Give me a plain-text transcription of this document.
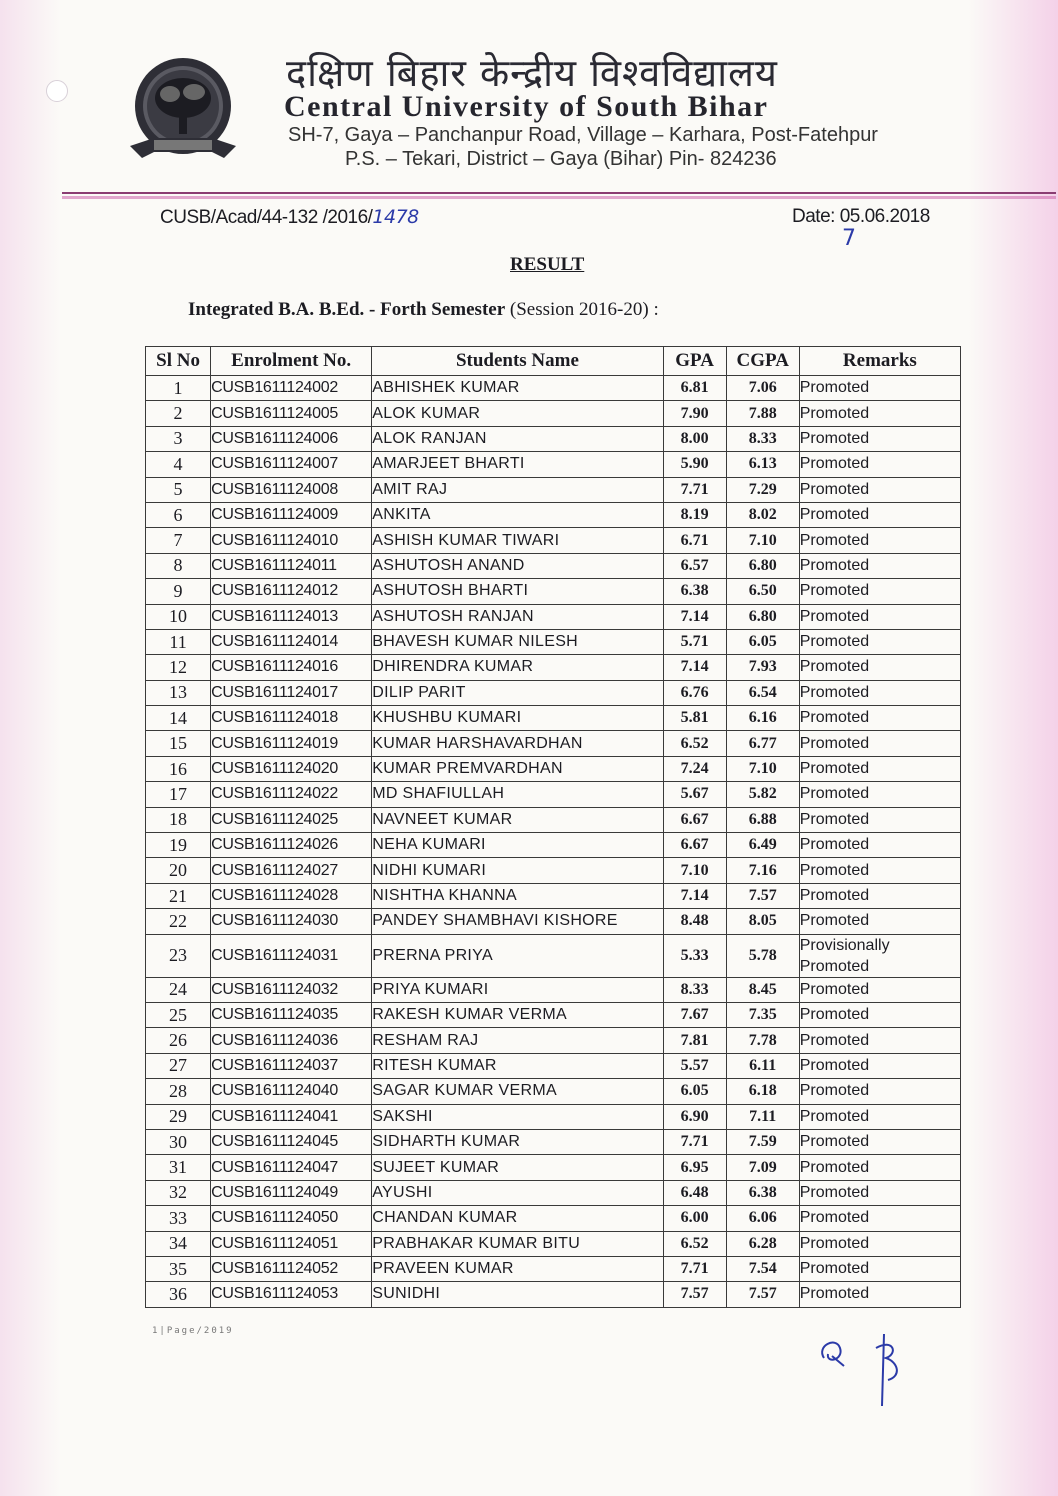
दक्षिण बिहार केन्द्रीय विश्वविद्यालय
Central University of South Bihar
SH-7, Gaya – Panchanpur Road, Village – Karhara, Post-Fatehpur
P.S. – Tekari, District – Gaya (Bihar) Pin- 824236
CUSB/Acad/44-132 /2016/1478	Date: 05.06.2018
7
RESULT
Integrated B.A. B.Ed. - Forth Semester (Session 2016-20) :
Sl No	Enrolment No.	Students Name	GPA	CGPA	Remarks
1	CUSB1611124002	ABHISHEK KUMAR	6.81	7.06	Promoted
2	CUSB1611124005	ALOK KUMAR	7.90	7.88	Promoted
3	CUSB1611124006	ALOK RANJAN	8.00	8.33	Promoted
4	CUSB1611124007	AMARJEET BHARTI	5.90	6.13	Promoted
5	CUSB1611124008	AMIT RAJ	7.71	7.29	Promoted
6	CUSB1611124009	ANKITA	8.19	8.02	Promoted
7	CUSB1611124010	ASHISH KUMAR TIWARI	6.71	7.10	Promoted
8	CUSB1611124011	ASHUTOSH ANAND	6.57	6.80	Promoted
9	CUSB1611124012	ASHUTOSH BHARTI	6.38	6.50	Promoted
10	CUSB1611124013	ASHUTOSH RANJAN	7.14	6.80	Promoted
11	CUSB1611124014	BHAVESH KUMAR NILESH	5.71	6.05	Promoted
12	CUSB1611124016	DHIRENDRA KUMAR	7.14	7.93	Promoted
13	CUSB1611124017	DILIP PARIT	6.76	6.54	Promoted
14	CUSB1611124018	KHUSHBU KUMARI	5.81	6.16	Promoted
15	CUSB1611124019	KUMAR HARSHAVARDHAN	6.52	6.77	Promoted
16	CUSB1611124020	KUMAR PREMVARDHAN	7.24	7.10	Promoted
17	CUSB1611124022	MD SHAFIULLAH	5.67	5.82	Promoted
18	CUSB1611124025	NAVNEET KUMAR	6.67	6.88	Promoted
19	CUSB1611124026	NEHA KUMARI	6.67	6.49	Promoted
20	CUSB1611124027	NIDHI KUMARI	7.10	7.16	Promoted
21	CUSB1611124028	NISHTHA KHANNA	7.14	7.57	Promoted
22	CUSB1611124030	PANDEY SHAMBHAVI KISHORE	8.48	8.05	Promoted
23	CUSB1611124031	PRERNA PRIYA	5.33	5.78	Provisionally Promoted
24	CUSB1611124032	PRIYA KUMARI	8.33	8.45	Promoted
25	CUSB1611124035	RAKESH KUMAR VERMA	7.67	7.35	Promoted
26	CUSB1611124036	RESHAM RAJ	7.81	7.78	Promoted
27	CUSB1611124037	RITESH KUMAR	5.57	6.11	Promoted
28	CUSB1611124040	SAGAR KUMAR VERMA	6.05	6.18	Promoted
29	CUSB1611124041	SAKSHI	6.90	7.11	Promoted
30	CUSB1611124045	SIDHARTH KUMAR	7.71	7.59	Promoted
31	CUSB1611124047	SUJEET KUMAR	6.95	7.09	Promoted
32	CUSB1611124049	AYUSHI	6.48	6.38	Promoted
33	CUSB1611124050	CHANDAN KUMAR	6.00	6.06	Promoted
34	CUSB1611124051	PRABHAKAR KUMAR BITU	6.52	6.28	Promoted
35	CUSB1611124052	PRAVEEN KUMAR	7.71	7.54	Promoted
36	CUSB1611124053	SUNIDHI	7.57	7.57	Promoted
1|Page/2019
